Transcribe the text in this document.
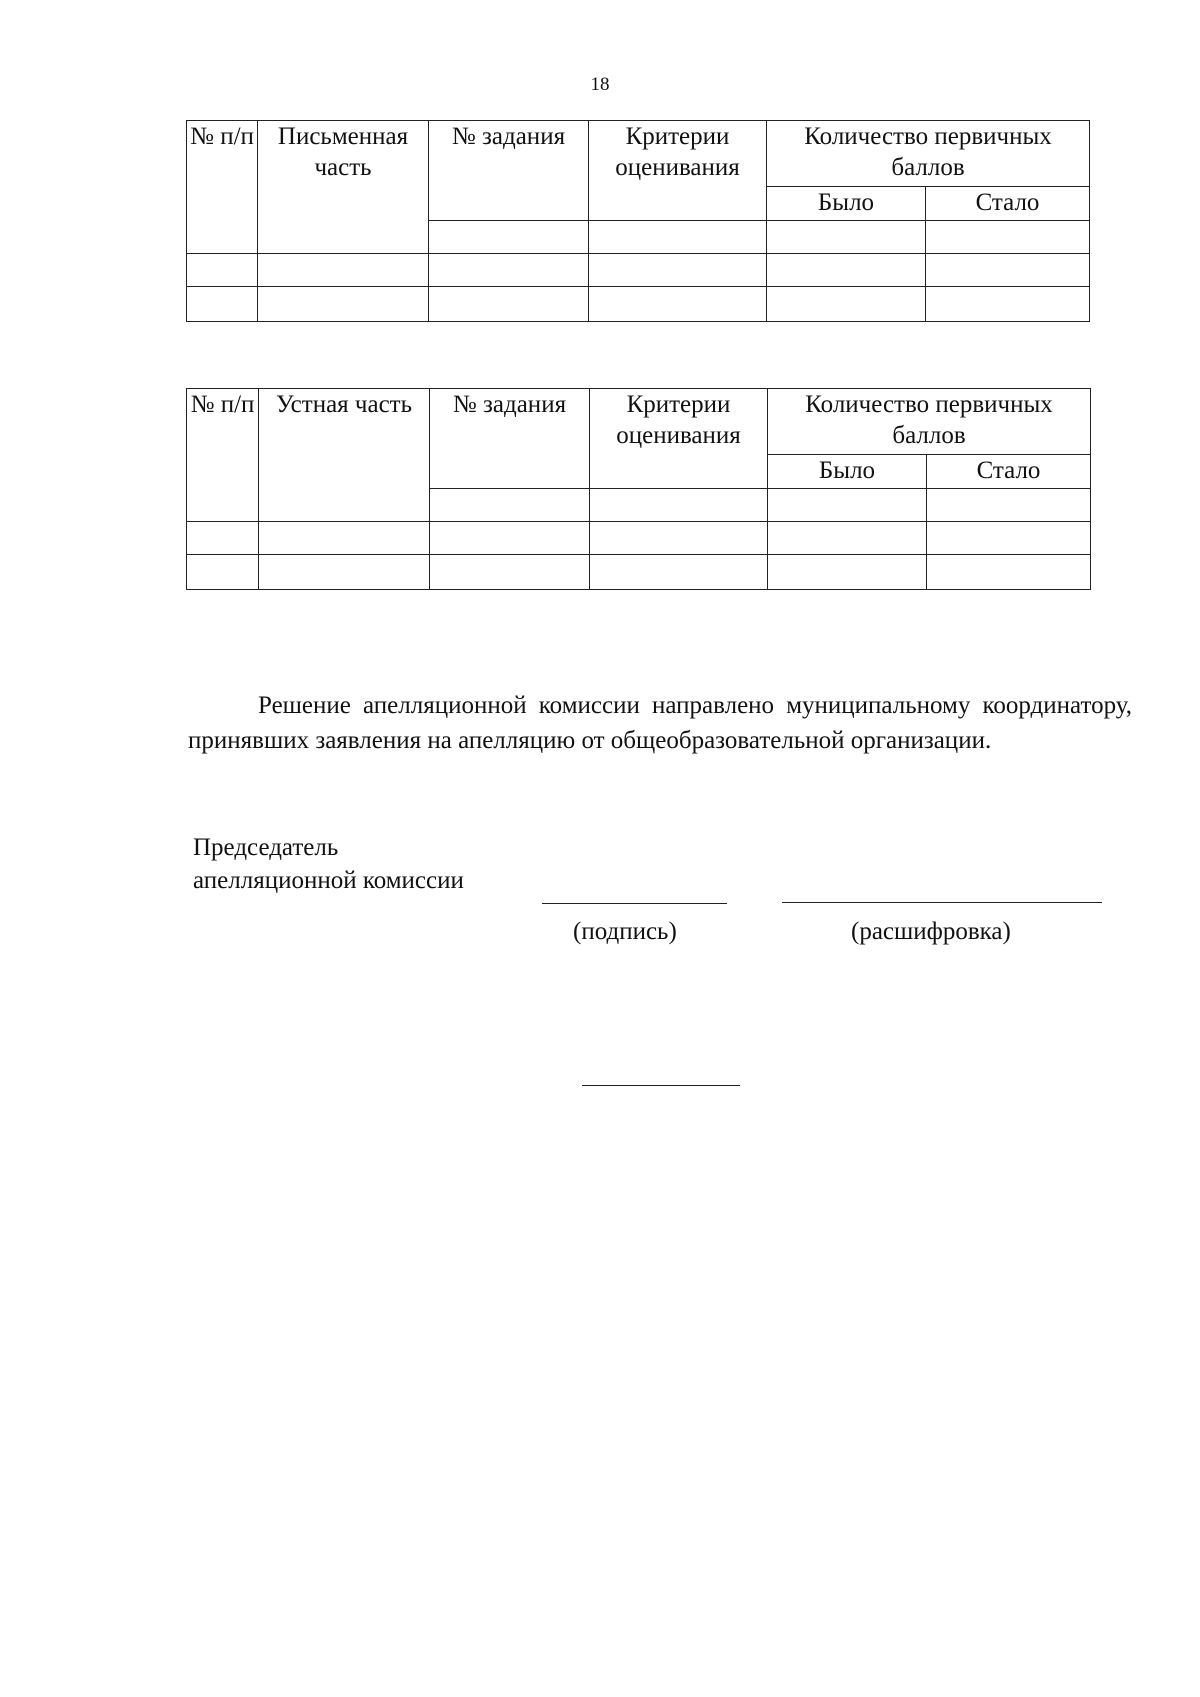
18
№ п/п	Письменная часть	№ задания	Критерии оценивания	Количество первичных баллов	
				Было	Стало

№ п/п	Устная часть	№ задания	Критерии оценивания	Количество первичных баллов	
				Было	Стало

Решение апелляционной комиссии направлено муниципальному координатору, принявших заявления на апелляцию от общеобразовательной организации.
Председатель
апелляционной комиссии
(подпись)	(расшифровка)
